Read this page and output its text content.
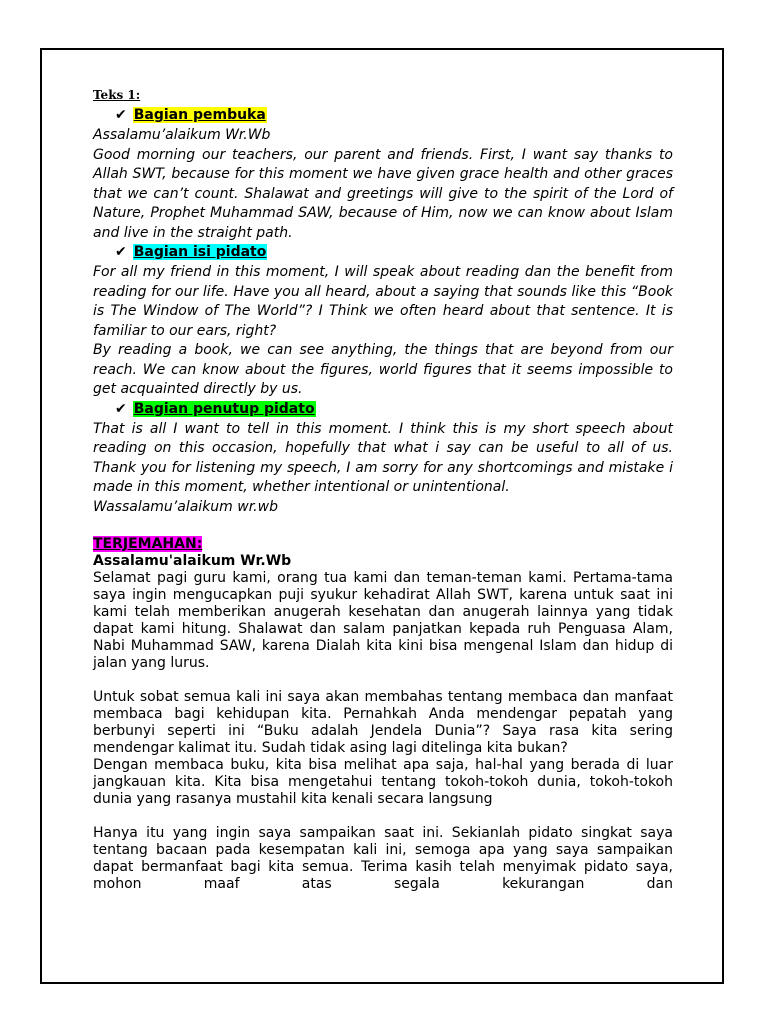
Teks 1:
✔ Bagian pembuka

Assalamu’alaikum Wr.Wb

Good morning our teachers, our parent and friends. First, I want say thanks to Allah SWT, because for this moment we have given grace health and other graces that we can’t count. Shalawat and greetings will give to the spirit of the Lord of Nature, Prophet Muhammad SAW, because of Him, now we can know about Islam and live in the straight path.

✔ Bagian isi pidato

For all my friend in this moment, I will speak about reading dan the benefit from reading for our life. Have you all heard, about a saying that sounds like this “Book is The Window of The World”? I Think we often heard about that sentence. It is familiar to our ears, right?

By reading a book, we can see anything, the things that are beyond from our reach. We can know about the figures, world figures that it seems impossible to get acquainted directly by us.

✔ Bagian penutup pidato

That is all I want to tell in this moment. I think this is my short speech about reading on this occasion, hopefully that what i say can be useful to all of us. Thank you for listening my speech, I am sorry for any shortcomings and mistake i made in this moment, whether intentional or unintentional.

Wassalamu’alaikum wr.wb

TERJEMAHAN:

Assalamu'alaikum Wr.Wb

Selamat pagi guru kami, orang tua kami dan teman-teman kami. Pertama-tama saya ingin mengucapkan puji syukur kehadirat Allah SWT, karena untuk saat ini kami telah memberikan anugerah kesehatan dan anugerah lainnya yang tidak dapat kami hitung. Shalawat dan salam panjatkan kepada ruh Penguasa Alam, Nabi Muhammad SAW, karena Dialah kita kini bisa mengenal Islam dan hidup di jalan yang lurus.

Untuk sobat semua kali ini saya akan membahas tentang membaca dan manfaat membaca bagi kehidupan kita. Pernahkah Anda mendengar pepatah yang berbunyi seperti ini “Buku adalah Jendela Dunia”? Saya rasa kita sering mendengar kalimat itu. Sudah tidak asing lagi ditelinga kita bukan?

Dengan membaca buku, kita bisa melihat apa saja, hal-hal yang berada di luar jangkauan kita. Kita bisa mengetahui tentang tokoh-tokoh dunia, tokoh-tokoh dunia yang rasanya mustahil kita kenali secara langsung

Hanya itu yang ingin saya sampaikan saat ini. Sekianlah pidato singkat saya tentang bacaan pada kesempatan kali ini, semoga apa yang saya sampaikan dapat bermanfaat bagi kita semua. Terima kasih telah menyimak pidato saya, mohon maaf atas segala kekurangan dan
